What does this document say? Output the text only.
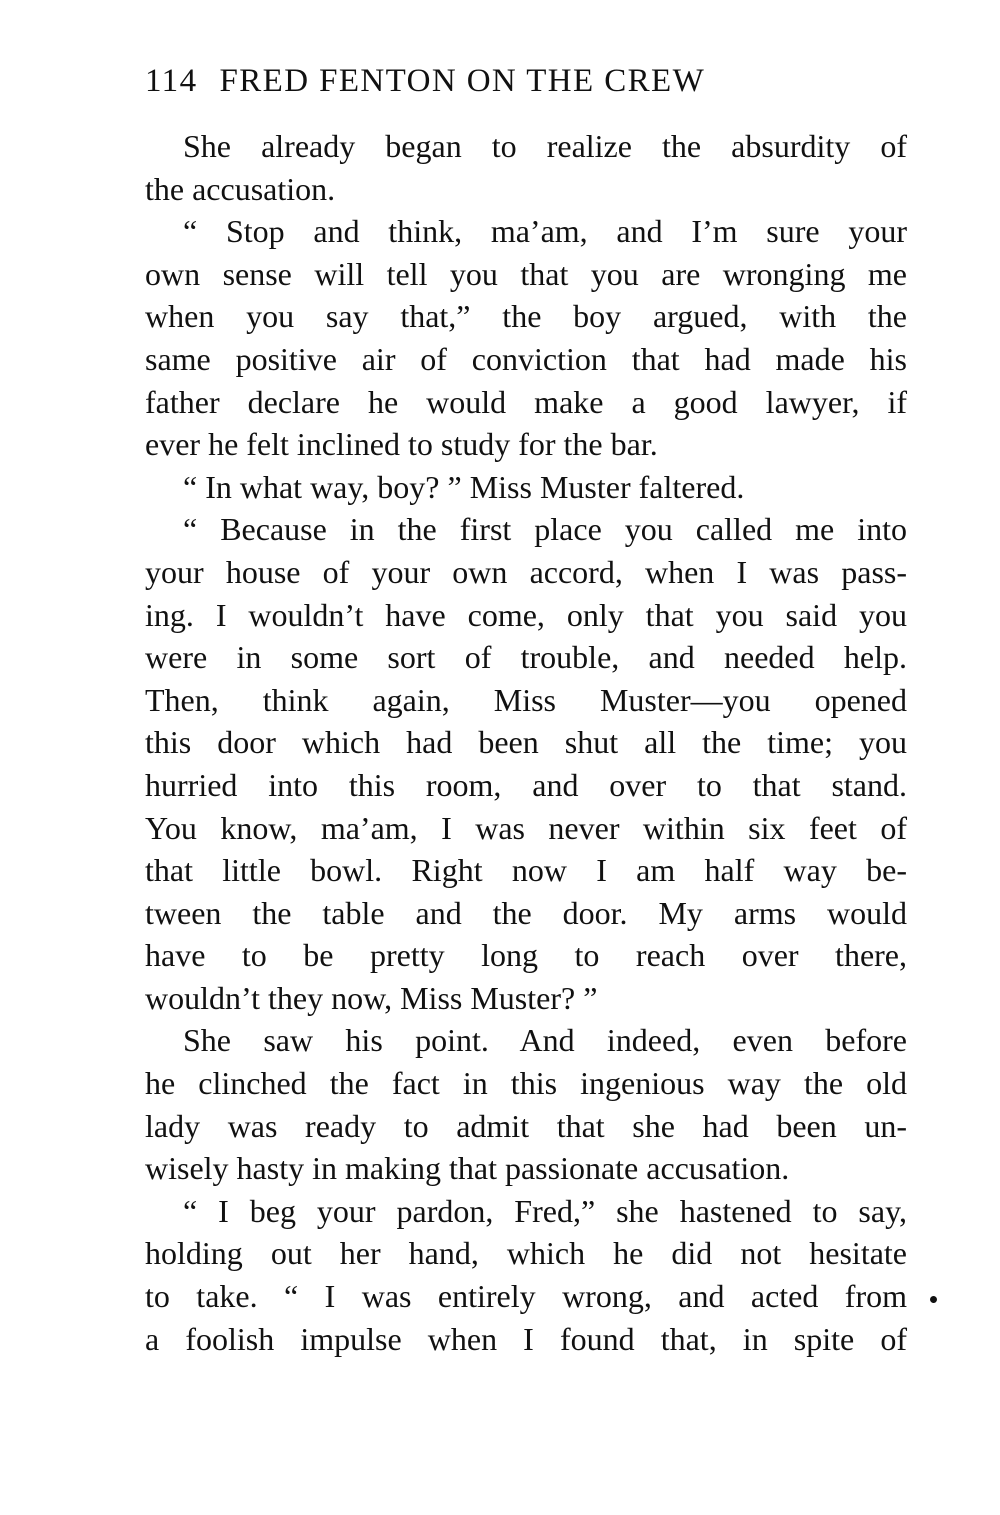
114 FRED FENTON ON THE CREW
She already began to realize the absurdity of
the accusation.
“ Stop and think, ma’am, and I’m sure your
own sense will tell you that you are wronging me
when you say that,” the boy argued, with the
same positive air of conviction that had made his
father declare he would make a good lawyer, if
ever he felt inclined to study for the bar.
“ In what way, boy? ” Miss Muster faltered.
“ Because in the first place you called me into
your house of your own accord, when I was pass-
ing. I wouldn’t have come, only that you said you
were in some sort of trouble, and needed help.
Then, think again, Miss Muster—you opened
this door which had been shut all the time; you
hurried into this room, and over to that stand.
You know, ma’am, I was never within six feet of
that little bowl. Right now I am half way be-
tween the table and the door. My arms would
have to be pretty long to reach over there,
wouldn’t they now, Miss Muster? ”
She saw his point. And indeed, even before
he clinched the fact in this ingenious way the old
lady was ready to admit that she had been un-
wisely hasty in making that passionate accusation.
“ I beg your pardon, Fred,” she hastened to say,
holding out her hand, which he did not hesitate
to take. “ I was entirely wrong, and acted from
a foolish impulse when I found that, in spite of
